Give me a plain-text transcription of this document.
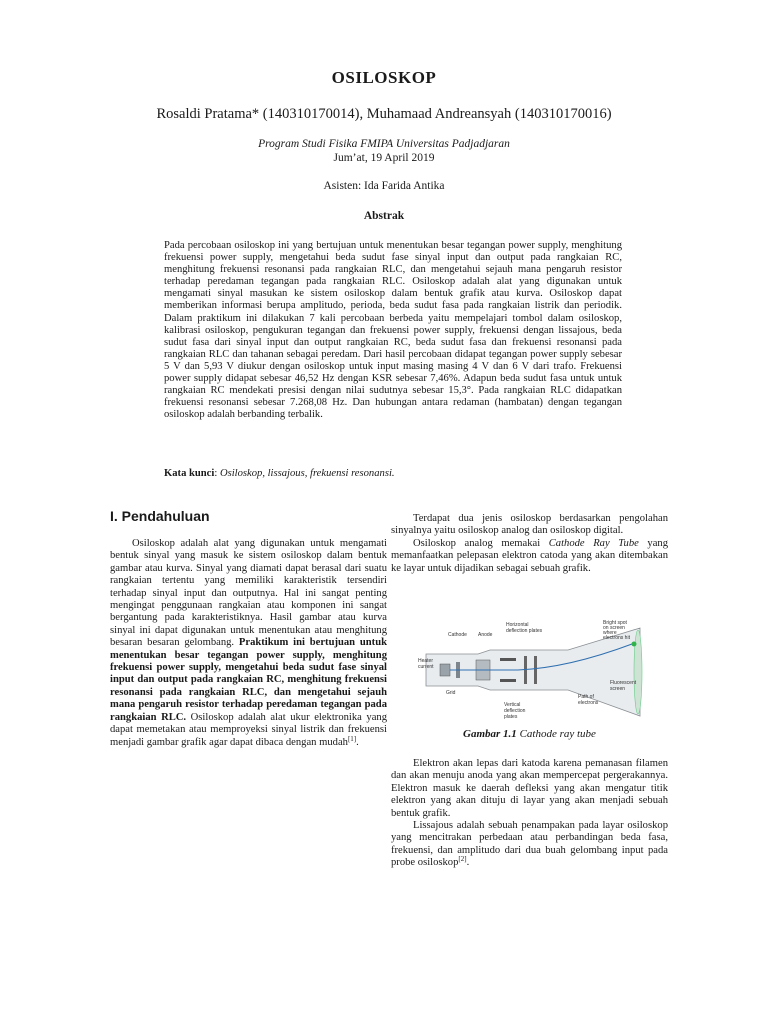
OSILOSKOP
Rosaldi Pratama* (140310170014), Muhamaad Andreansyah (140310170016)
Program Studi Fisika FMIPA Universitas Padjadjaran
Jum’at, 19 April 2019
Asisten: Ida Farida Antika
Abstrak

Pada percobaan osiloskop ini yang bertujuan untuk menentukan besar tegangan power supply, menghitung frekuensi power supply, mengetahui beda sudut fase sinyal input dan output pada rangkaian RC, menghitung frekuensi resonansi pada rangkaian RLC, dan mengetahui sejauh mana pengaruh resistor terhadap peredaman tegangan pada rangkaian RLC. Osiloskop adalah alat yang digunakan untuk mengamati sinyal masukan ke sistem osiloskop dalam bentuk grafik atau kurva. Osiloskop dapat memberikan informasi berupa amplitudo, perioda, beda sudut fasa pada rangkaian listrik dan periodik. Dalam praktikum ini dilakukan 7 kali percobaan berbeda yaitu mempelajari tombol dalam osiloskop, kalibrasi osiloskop, pengukuran tegangan dan frekuensi power supply, frekuensi dengan lissajous, beda sudut fasa dari sinyal input dan output rangkaian RC, beda sudut fasa dan frekuensi resonansi pada rangkaian RLC dan tahanan sebagai peredam. Dari hasil percobaan didapat tegangan power supply sebesar 5 V dan 5,93 V diukur dengan osiloskop untuk input masing masing 4 V dan 6 V dari trafo. Frekuensi power supply didapat sebesar 46,52 Hz dengan KSR sebesar 7,46%. Adapun beda sudut fasa untuk untuk rangkaian RC mendekati presisi dengan nilai sudutnya sebesar 15,3°. Pada rangkaian RLC didapatkan frekuensi resonansi sebesar 7.268,08 Hz. Dan hubungan antara redaman (hambatan) dengan tegangan osiloskop adalah berbanding terbalik.

Kata kunci: Osiloskop, lissajous, frekuensi resonansi.

I. Pendahuluan

Osiloskop adalah alat yang digunakan untuk mengamati bentuk sinyal yang masuk ke sistem osiloskop dalam bentuk gambar atau kurva. Sinyal yang diamati dapat berasal dari suatu rangkaian tertentu yang memiliki karakteristik tersendiri terhadap sinyal input dan outputnya. Hal ini sangat penting mengingat penggunaan rangkaian atau komponen ini sangat bergantung pada karakteristiknya. Hasil gambar atau kurva sinyal ini dapat digunakan untuk menentukan atau menghitung besaran besaran gelombang. Praktikum ini bertujuan untuk menentukan besar tegangan power supply, menghitung frekuensi power supply, mengetahui beda sudut fase sinyal input dan output pada rangkaian RC, menghitung frekuensi resonansi pada rangkaian RLC, dan mengetahui sejauh mana pengaruh resistor terhadap peredaman tegangan pada rangkaian RLC. Osiloskop adalah alat ukur elektronika yang dapat memetakan atau memproyeksi sinyal listrik dan frekuensi menjadi gambar grafik agar dapat dibaca dengan mudah[1].

Terdapat dua jenis osiloskop berdasarkan pengolahan sinyalnya yaitu osiloskop analog dan osiloskop digital.

Osiloskop analog memakai Cathode Ray Tube yang memanfaatkan pelepasan elektron catoda yang akan ditembakan ke layar untuk dijadikan sebagai sebuah grafik.

Cathode Anode
Horizontal
deflection plates
Bright spot
on screen
where
electrons hit
Heater
current
Grid
Fluorescent
screen
Path of
electrons
Vertical
deflection
plates
Gambar 1.1 Cathode ray tube

Elektron akan lepas dari katoda karena pemanasan filamen dan akan menuju anoda yang akan mempercepat pergerakannya. Elektron masuk ke daerah defleksi yang akan mengatur titik elektron yang akan dituju di layar yang akan menjadi sebuah bentuk grafik.

Lissajous adalah sebuah penampakan pada layar osiloskop yang mencitrakan perbedaan atau perbandingan beda fasa, frekuensi, dan amplitudo dari dua buah gelombang input pada probe osiloskop[2].
